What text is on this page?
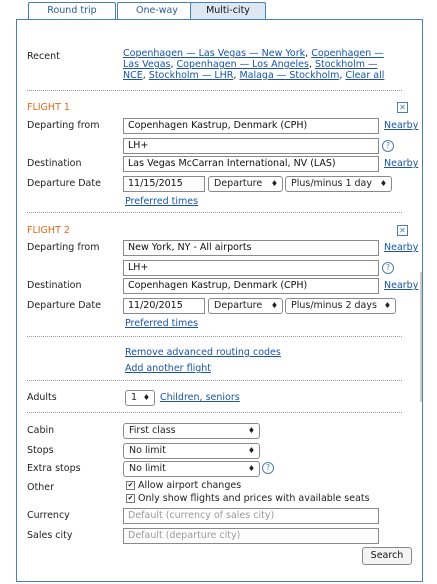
Round trip	One-way	Multi-city
Recent	Copenhagen — Las Vegas — New York, Copenhagen — Las Vegas, Copenhagen — Los Angeles, Stockholm — NCE, Stockholm — LHR, Malaga — Stockholm, Clear all
FLIGHT 1	✕
Departing from	Copenhagen Kastrup, Denmark (CPH)	Nearby
LH+	?
Destination	Las Vegas McCarran International, NV (LAS)	Nearby
Departure Date	11/15/2015	Departure ♦	Plus/minus 1 day ♦
Preferred times
FLIGHT 2	✕
Departing from	New York, NY - All airports	Nearby
LH+	?
Destination	Copenhagen Kastrup, Denmark (CPH)	Nearby
Departure Date	11/20/2015	Departure ♦	Plus/minus 2 days ♦
Preferred times
Remove advanced routing codes
Add another flight
Adults	1 ♦ Children, seniors
Cabin	First class	♦
Stops	No limit	♦
Extra stops	No limit	♦	?
Other	✔ Allow airport changes
✔ Only show flights and prices with available seats
Currency	Default (currency of sales city)
Sales city	Default (departure city)
Search
